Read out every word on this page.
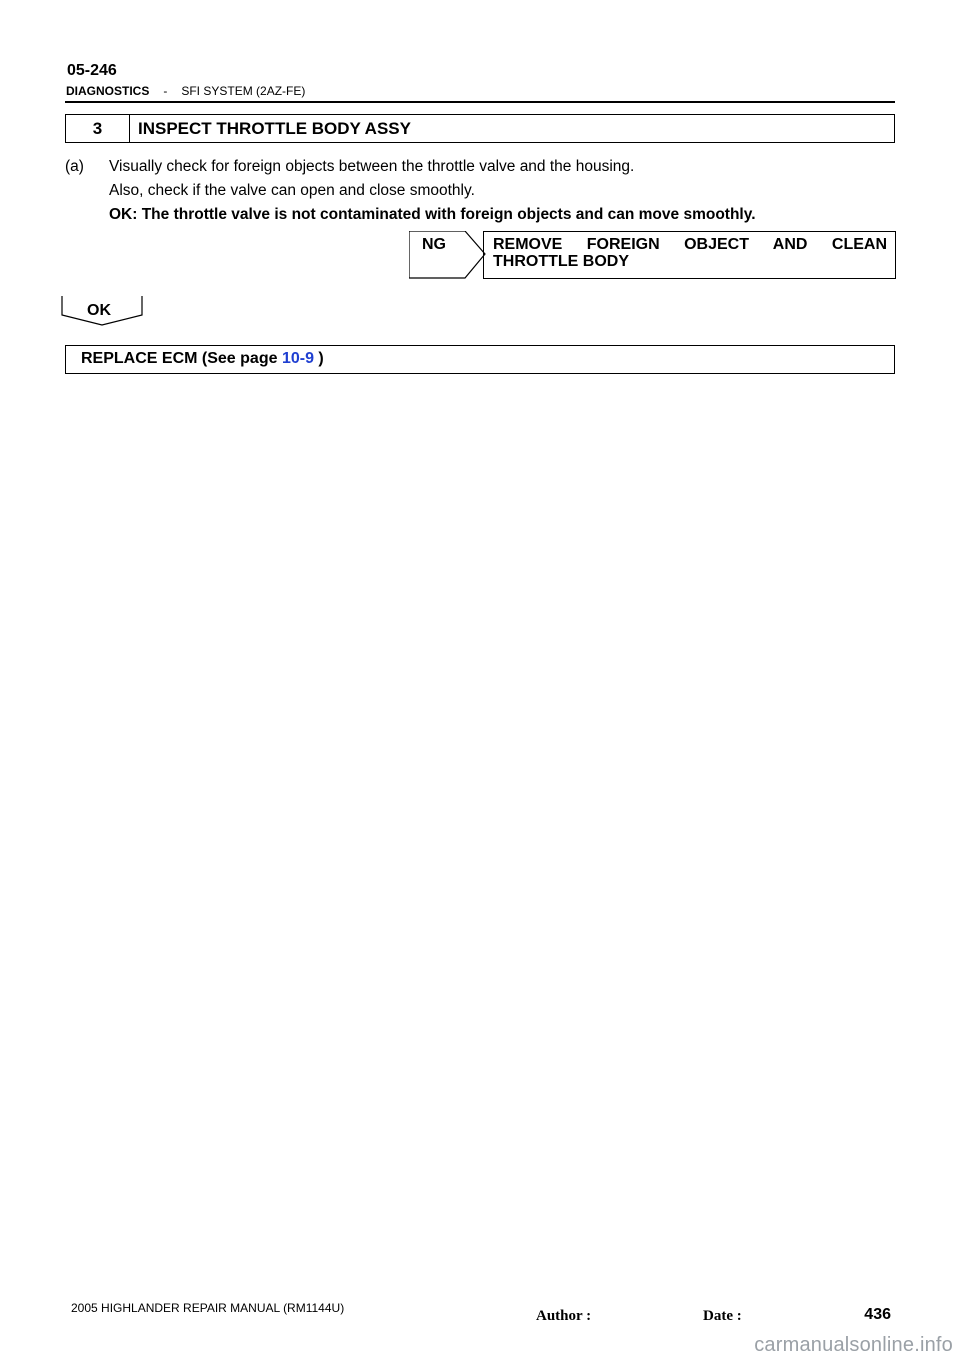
05-246
DIAGNOSTICS - SFI SYSTEM (2AZ-FE)
3	INSPECT THROTTLE BODY ASSY
(a) Visually check for foreign objects between the throttle valve and the housing.
Also, check if the valve can open and close smoothly.
OK: The throttle valve is not contaminated with foreign objects and can move smoothly.
NG	REMOVE FOREIGN OBJECT AND CLEAN
THROTTLE BODY
OK
REPLACE ECM (See page 10-9 )
2005 HIGHLANDER REPAIR MANUAL (RM1144U)	Author :	Date :	436
carmanualsonline.info
